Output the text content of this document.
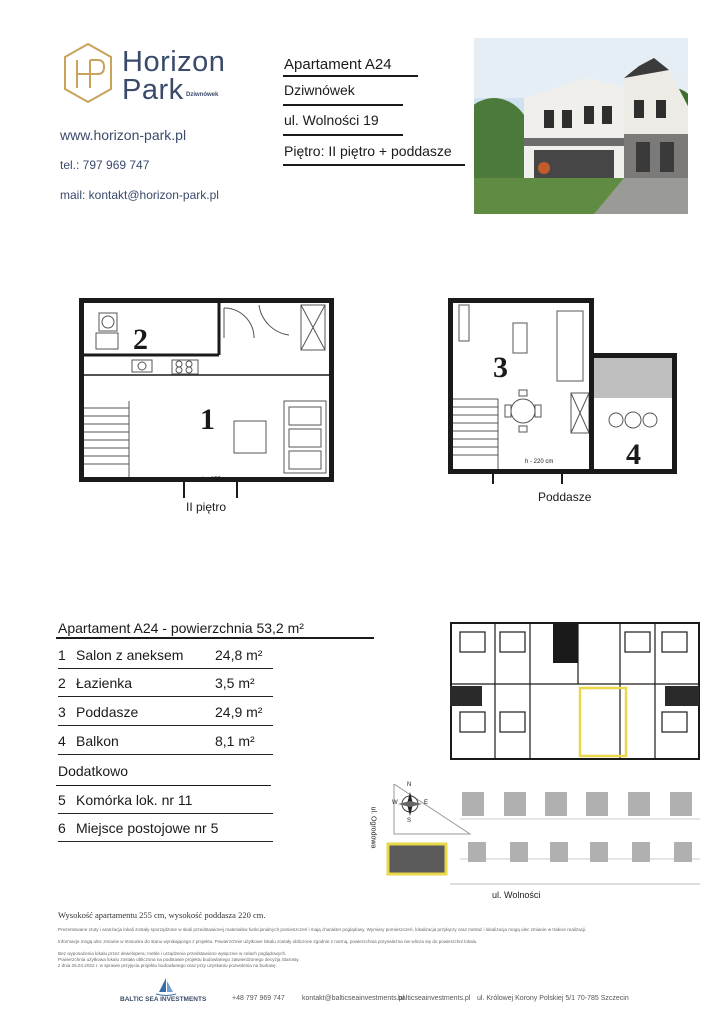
Horizon
Park Dziwnówek
www.horizon-park.pl
tel.: 797 969 747
mail: kontakt@horizon-park.pl
Apartament A24
Dziwnówek
ul. Wolności 19
Piętro: II piętro + poddasze
2
1
h - 255 cm
II piętro
3
h - 220 cm 4
Poddasze
Apartament A24 - powierzchnia 53,2 m²
1 Salon z aneksem 24,8 m²
2 Łazienka	3,5 m²
3 Poddasze	24,9 m²
4 Balkon	8,1 m²
Dodatkowo
5 Komórka lok. nr 11
6 Miejsce postojowe nr 5
N
S
W	E
ul. Wolności
ul. Ogrodowa
Wysokość apartamentu 255 cm, wysokość poddasza 220 cm.
Prezentowane rzuty i aranżacja lokali zostały sporządzone w skali przedstawionej materiałów funkcjonalnych pomieszczeń i mają charakter poglądowy. Wymiary pomieszczeń, lokalizacja przyłączy oraz metraż i lokalizacja mogą ulec zmianie w trakcie realizacji.
Informacje mogą ulec zmianie w stosunku do stanu wynikającego z projektu. Powierzchnie użytkowe lokalu zostały obliczone zgodnie z normą, powierzchnia przynależna nie wlicza się do powierzchni lokalu.
Bez wyposażenia lokalu przez dewelopera; meble i urządzenia przedstawiono wyłącznie w celach poglądowych.
Powierzchnia użytkowa lokalu została obliczona na podstawie projektu budowlanego zatwierdzonego decyzją Starosty.
z dnia 25.04.2022 r. w sprawie przyjęcia projektu budowlanego oraz przy uzyskaniu pozwolenia na budowę.
BALTIC SEA INVESTMENTS	+48 797 969 747 kontakt@balticseainvestments.pl
balticseainvestments.pl ul. Królowej Korony Polskiej 5/1 70-785 Szczecin
